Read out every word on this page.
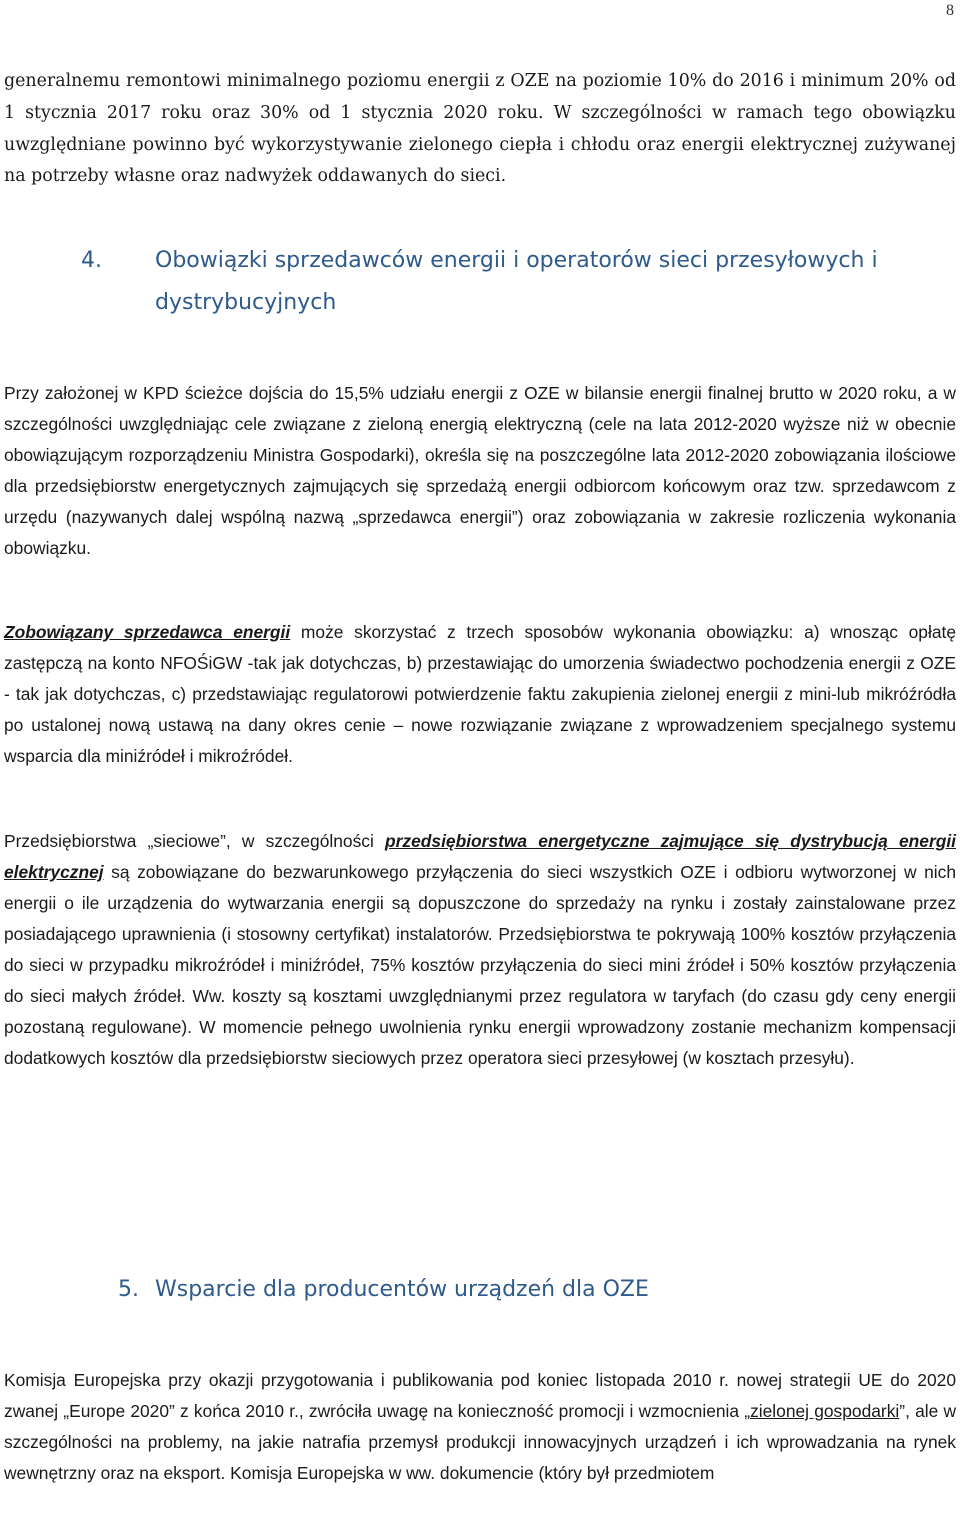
8

generalnemu remontowi minimalnego poziomu energii z OZE na poziomie 10% do 2016 i minimum 20% od 1 stycznia 2017 roku oraz 30% od 1 stycznia 2020 roku. W szczególności w ramach tego obowiązku uwzględniane powinno być wykorzystywanie zielonego ciepła i chłodu oraz energii elektrycznej zużywanej na potrzeby własne oraz nadwyżek oddawanych do sieci.

4. Obowiązki sprzedawców energii i operatorów sieci przesyłowych i dystrybucyjnych

Przy założonej w KPD ścieżce dojścia do 15,5% udziału energii z OZE w bilansie energii finalnej brutto w 2020 roku, a w szczególności uwzględniając cele związane z zieloną energią elektryczną (cele na lata 2012-2020 wyższe niż w obecnie obowiązującym rozporządzeniu Ministra Gospodarki), określa się na poszczególne lata 2012-2020 zobowiązania ilościowe dla przedsiębiorstw energetycznych zajmujących się sprzedażą energii odbiorcom końcowym oraz tzw. sprzedawcom z urzędu (nazywanych dalej wspólną nazwą „sprzedawca energii”) oraz zobowiązania w zakresie rozliczenia wykonania obowiązku.

Zobowiązany sprzedawca energii może skorzystać z trzech sposobów wykonania obowiązku: a) wnosząc opłatę zastępczą na konto NFOŚiGW -tak jak dotychczas, b) przestawiając do umorzenia świadectwo pochodzenia energii z OZE - tak jak dotychczas, c) przedstawiając regulatorowi potwierdzenie faktu zakupienia zielonej energii z mini-lub mikróźródła po ustalonej nową ustawą na dany okres cenie – nowe rozwiązanie związane z wprowadzeniem specjalnego systemu wsparcia dla miniźródeł i mikroźródeł.

Przedsiębiorstwa „sieciowe”, w szczególności przedsiębiorstwa energetyczne zajmujące się dystrybucją energii elektrycznej są zobowiązane do bezwarunkowego przyłączenia do sieci wszystkich OZE i odbioru wytworzonej w nich energii o ile urządzenia do wytwarzania energii są dopuszczone do sprzedaży na rynku i zostały zainstalowane przez posiadającego uprawnienia (i stosowny certyfikat) instalatorów. Przedsiębiorstwa te pokrywają 100% kosztów przyłączenia do sieci w przypadku mikroźródeł i miniźródeł, 75% kosztów przyłączenia do sieci mini źródeł i 50% kosztów przyłączenia do sieci małych źródeł. Ww. koszty są kosztami uwzględnianymi przez regulatora w taryfach (do czasu gdy ceny energii pozostaną regulowane). W momencie pełnego uwolnienia rynku energii wprowadzony zostanie mechanizm kompensacji dodatkowych kosztów dla przedsiębiorstw sieciowych przez operatora sieci przesyłowej (w kosztach przesyłu).

5. Wsparcie dla producentów urządzeń dla OZE

Komisja Europejska przy okazji przygotowania i publikowania pod koniec listopada 2010 r. nowej strategii UE do 2020 zwanej „Europe 2020” z końca 2010 r., zwróciła uwagę na konieczność promocji i wzmocnienia „zielonej gospodarki”, ale w szczególności na problemy, na jakie natrafia przemysł produkcji innowacyjnych urządzeń i ich wprowadzania na rynek wewnętrzny oraz na eksport. Komisja Europejska w ww. dokumencie (który był przedmiotem
